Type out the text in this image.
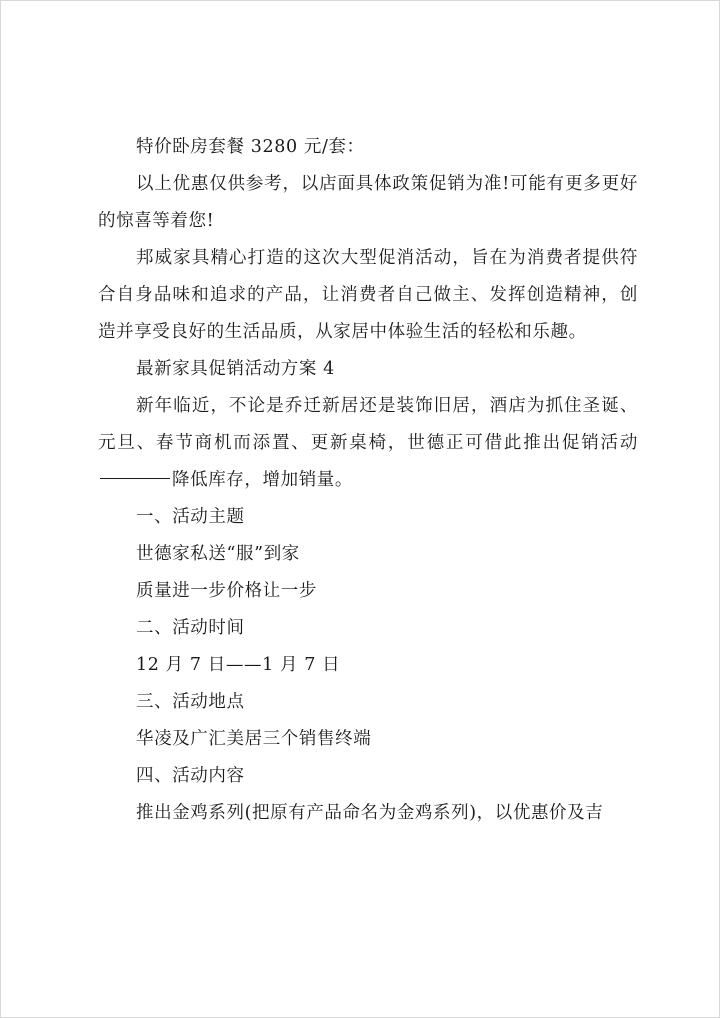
特价卧房套餐 3280 元/套：

以上优惠仅供参考，以店面具体政策促销为准!可能有更多更好的惊喜等着您!

邦威家具精心打造的这次大型促消活动，旨在为消费者提供符合自身品味和追求的产品，让消费者自己做主、发挥创造精神，创造并享受良好的生活品质，从家居中体验生活的轻松和乐趣。

最新家具促销活动方案 4

新年临近，不论是乔迁新居还是装饰旧居，酒店为抓住圣诞、元旦、春节商机而添置、更新桌椅，世德正可借此推出促销活动降低库存，增加销量。

一、活动主题

世德家私送“服”到家

质量进一步价格让一步

二、活动时间

12 月 7 日——1 月 7 日

三、活动地点

华凌及广汇美居三个销售终端

四、活动内容

推出金鸡系列(把原有产品命名为金鸡系列)，以优惠价及吉
